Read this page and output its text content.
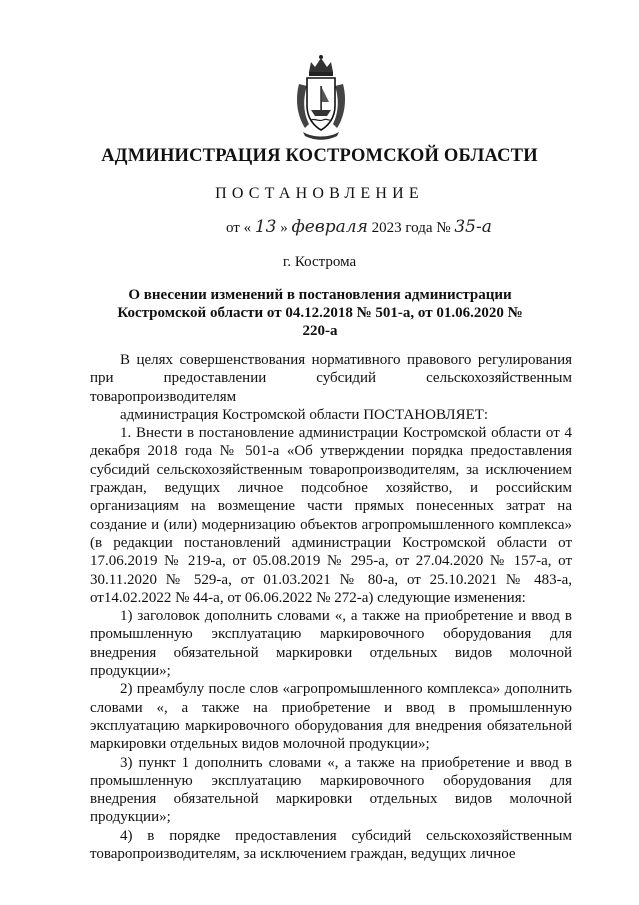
АДМИНИСТРАЦИЯ КОСТРОМСКОЙ ОБЛАСТИ
ПОСТАНОВЛЕНИЕ
от « 13 » февраля 2023 года № 35-а
г. Кострома
О внесении изменений в постановления администрации
Костромской области от 04.12.2018 № 501-а, от 01.06.2020 № 220-а

В целях совершенствования нормативного правового регулирования при предоставлении субсидий сельскохозяйственным товаропроизводителям

администрация Костромской области ПОСТАНОВЛЯЕТ:

1. Внести в постановление администрации Костромской области от 4 декабря 2018 года № 501-а «Об утверждении порядка предоставления субсидий сельскохозяйственным товаропроизводителям, за исключением граждан, ведущих личное подсобное хозяйство, и российским организациям на возмещение части прямых понесенных затрат на создание и (или) модернизацию объектов агропромышленного комплекса» (в редакции постановлений администрации Костромской области от 17.06.2019 № 219-а, от 05.08.2019 № 295-а, от 27.04.2020 № 157-а, от 30.11.2020 № 529-а, от 01.03.2021 № 80-а, от 25.10.2021 № 483-а, от14.02.2022 № 44-а, от 06.06.2022 № 272-а) следующие изменения:

1) заголовок дополнить словами «, а также на приобретение и ввод в промышленную эксплуатацию маркировочного оборудования для внедрения обязательной маркировки отдельных видов молочной продукции»;

2) преамбулу после слов «агропромышленного комплекса» дополнить словами «, а также на приобретение и ввод в промышленную эксплуатацию маркировочного оборудования для внедрения обязательной маркировки отдельных видов молочной продукции»;

3) пункт 1 дополнить словами «, а также на приобретение и ввод в промышленную эксплуатацию маркировочного оборудования для внедрения обязательной маркировки отдельных видов молочной продукции»;

4) в порядке предоставления субсидий сельскохозяйственным товаропроизводителям, за исключением граждан, ведущих личное
